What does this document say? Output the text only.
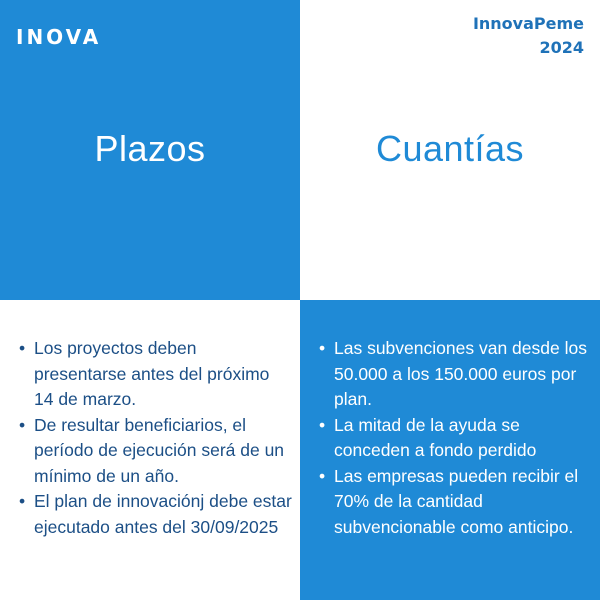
INOVA
Plazos
InnovaPeme
2024
Cuantías
• Los proyectos deben presentarse antes del próximo 14 de marzo.
• De resultar beneficiarios, el período de ejecución será de un mínimo de un año.
• El plan de innovaciónj debe estar ejecutado antes del 30/09/2025
• Las subvenciones van desde los 50.000 a los 150.000 euros por plan.
• La mitad de la ayuda se conceden a fondo perdido
• Las empresas pueden recibir el 70% de la cantidad subvencionable como anticipo.
